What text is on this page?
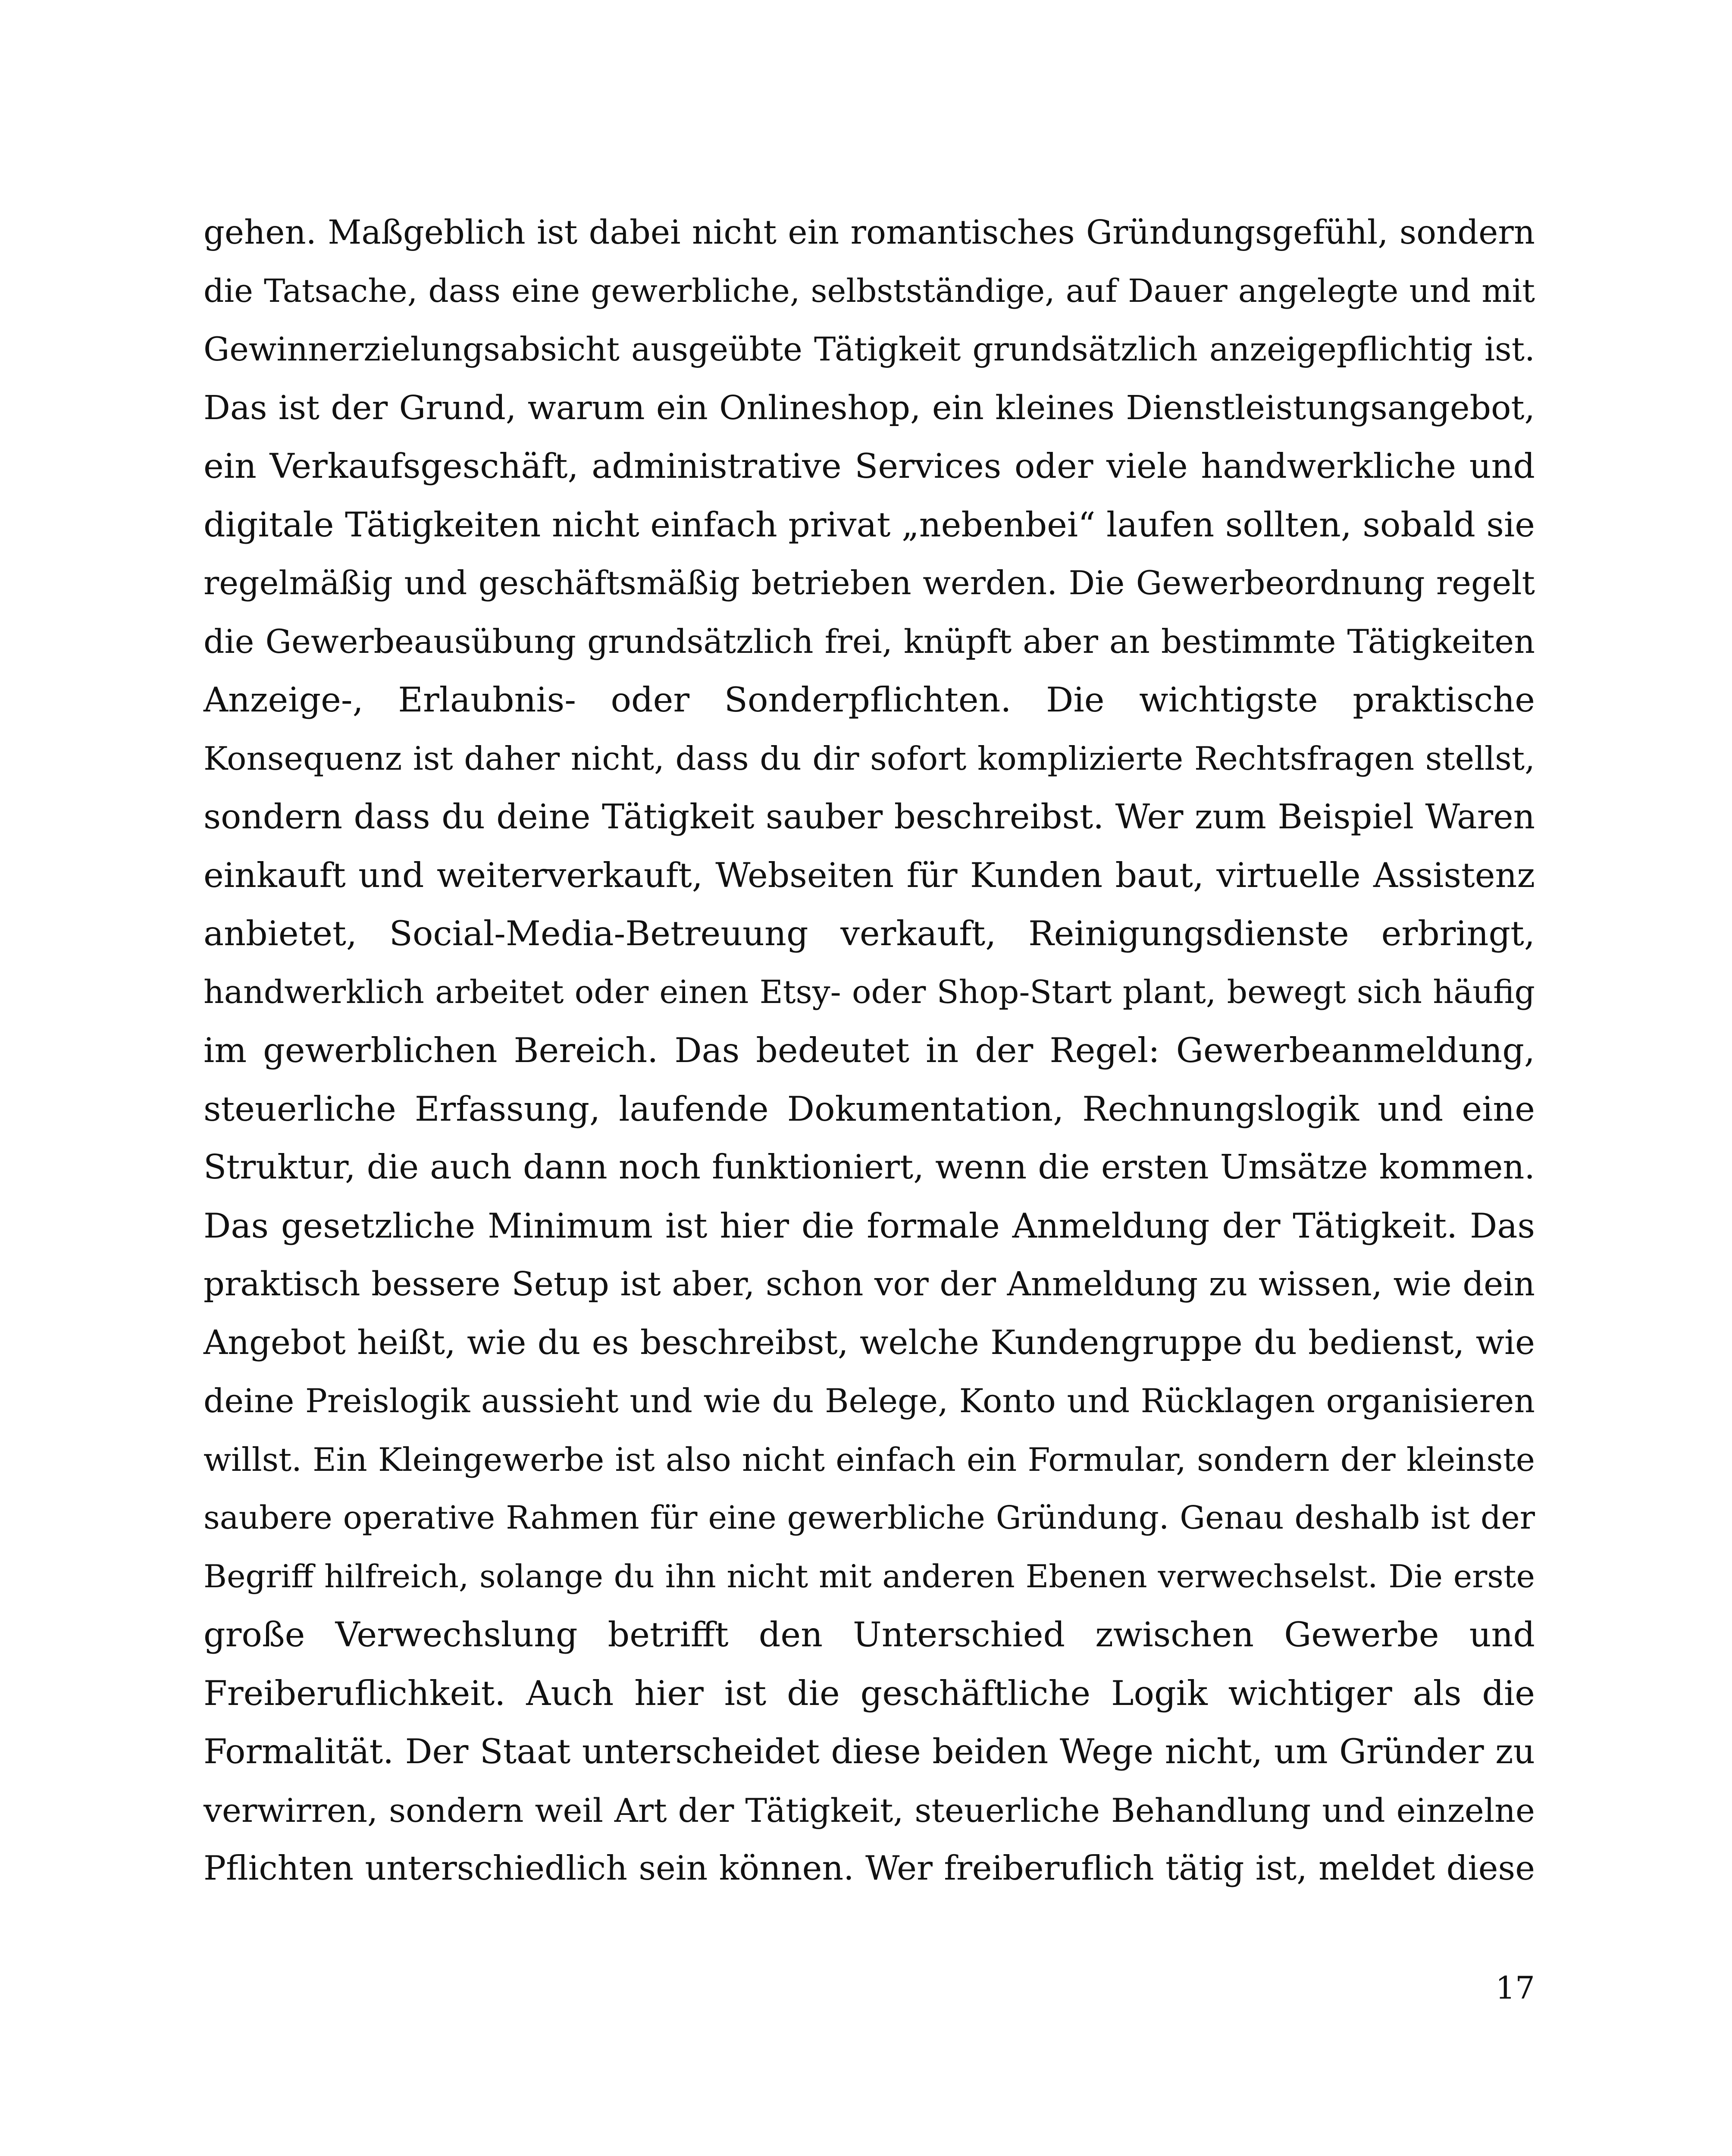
gehen. Maßgeblich ist dabei nicht ein romantisches Gründungsgefühl, sondern
die Tatsache, dass eine gewerbliche, selbstständige, auf Dauer angelegte und mit
Gewinnerzielungsabsicht ausgeübte Tätigkeit grundsätzlich anzeigepflichtig ist.
Das ist der Grund, warum ein Onlineshop, ein kleines Dienstleistungsangebot,
ein Verkaufsgeschäft, administrative Services oder viele handwerkliche und
digitale Tätigkeiten nicht einfach privat „nebenbei“ laufen sollten, sobald sie
regelmäßig und geschäftsmäßig betrieben werden. Die Gewerbeordnung regelt
die Gewerbeausübung grundsätzlich frei, knüpft aber an bestimmte Tätigkeiten
Anzeige-, Erlaubnis- oder Sonderpflichten. Die wichtigste praktische
Konsequenz ist daher nicht, dass du dir sofort komplizierte Rechtsfragen stellst,
sondern dass du deine Tätigkeit sauber beschreibst. Wer zum Beispiel Waren
einkauft und weiterverkauft, Webseiten für Kunden baut, virtuelle Assistenz
anbietet, Social-Media-Betreuung verkauft, Reinigungsdienste erbringt,
handwerklich arbeitet oder einen Etsy- oder Shop-Start plant, bewegt sich häufig
im gewerblichen Bereich. Das bedeutet in der Regel: Gewerbeanmeldung,
steuerliche Erfassung, laufende Dokumentation, Rechnungslogik und eine
Struktur, die auch dann noch funktioniert, wenn die ersten Umsätze kommen.
Das gesetzliche Minimum ist hier die formale Anmeldung der Tätigkeit. Das
praktisch bessere Setup ist aber, schon vor der Anmeldung zu wissen, wie dein
Angebot heißt, wie du es beschreibst, welche Kundengruppe du bedienst, wie
deine Preislogik aussieht und wie du Belege, Konto und Rücklagen organisieren
willst. Ein Kleingewerbe ist also nicht einfach ein Formular, sondern der kleinste
saubere operative Rahmen für eine gewerbliche Gründung. Genau deshalb ist der
Begriff hilfreich, solange du ihn nicht mit anderen Ebenen verwechselst. Die erste
große Verwechslung betrifft den Unterschied zwischen Gewerbe und
Freiberuflichkeit. Auch hier ist die geschäftliche Logik wichtiger als die
Formalität. Der Staat unterscheidet diese beiden Wege nicht, um Gründer zu
verwirren, sondern weil Art der Tätigkeit, steuerliche Behandlung und einzelne
Pflichten unterschiedlich sein können. Wer freiberuflich tätig ist, meldet diese
17
